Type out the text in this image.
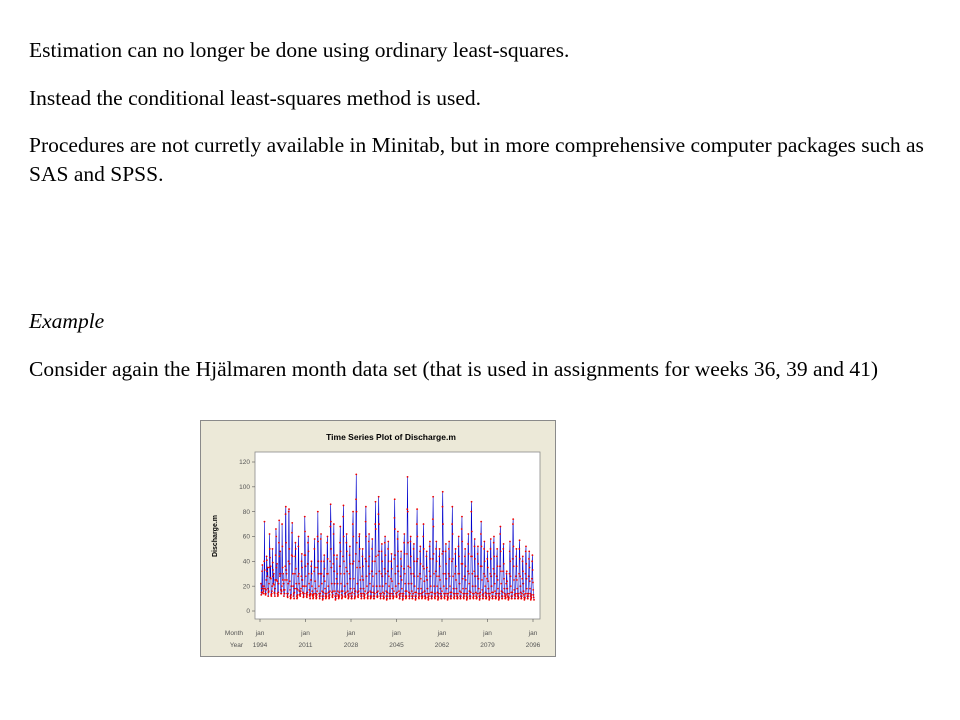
Estimation can no longer be done using ordinary least-squares.

Instead the conditional least-squares method is used.

Procedures are not curretly available in Minitab, but in more comprehensive computer packages such as SAS and SPSS.

Example

Consider again the Hjälmaren month data set (that is used in assignments for weeks 36, 39 and 41)

Time Series Plot of Discharge.m
Discharge.m
Month
Year
0
20
40
60
80
100
120
jan
1994
jan
2011
jan
2028
jan
2045
jan
2062
jan
2079
jan
2096
